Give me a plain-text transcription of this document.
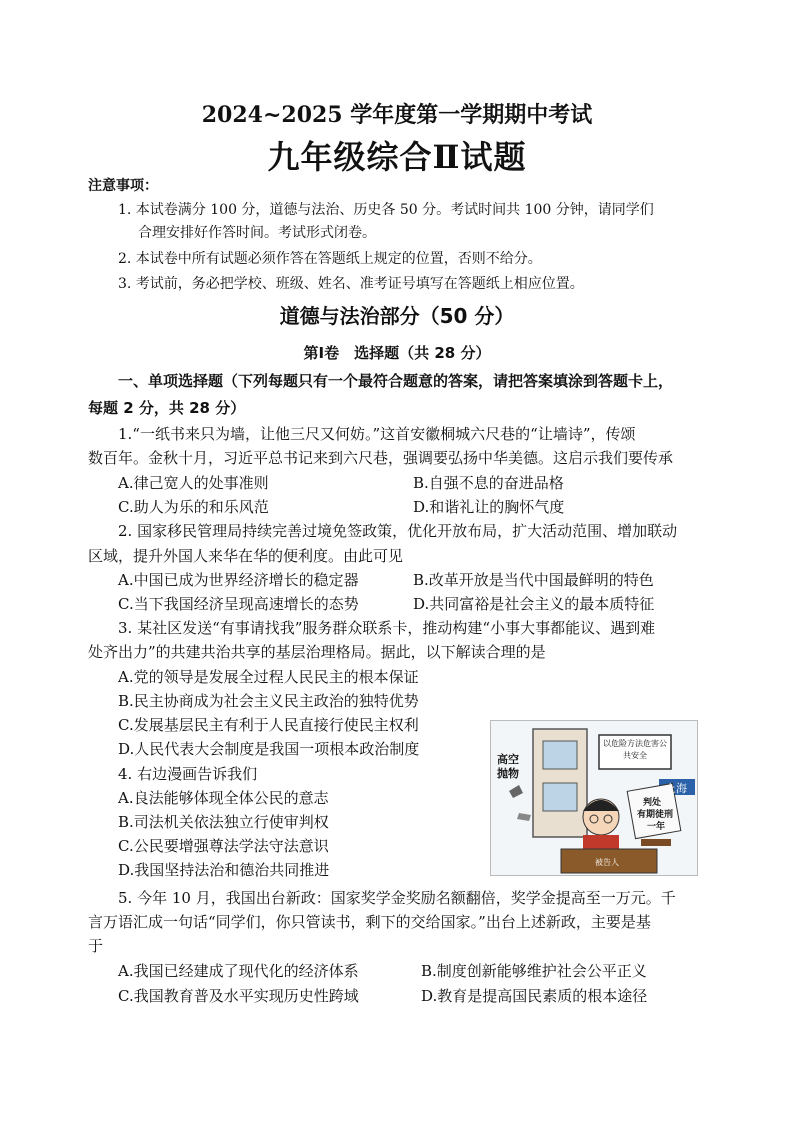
2024~2025 学年度第一学期期中考试
九年级综合Ⅱ试题
注意事项：
1. 本试卷满分 100 分，道德与法治、历史各 50 分。考试时间共 100 分钟，请同学们
合理安排好作答时间。考试形式闭卷。
2. 本试卷中所有试题必须作答在答题纸上规定的位置，否则不给分。
3. 考试前，务必把学校、班级、姓名、准考证号填写在答题纸上相应位置。
道德与法治部分（50 分）
第Ⅰ卷　选择题（共 28 分）
一、单项选择题（下列每题只有一个最符合题意的答案，请把答案填涂到答题卡上，
每题 2 分，共 28 分）
1.“一纸书来只为墙，让他三尺又何妨。”这首安徽桐城六尺巷的“让墙诗”，传颂
数百年。金秋十月，习近平总书记来到六尺巷，强调要弘扬中华美德。这启示我们要传承
A.律己宽人的处事准则	B.自强不息的奋进品格
C.助人为乐的和乐风范	D.和谐礼让的胸怀气度
2. 国家移民管理局持续完善过境免签政策，优化开放布局，扩大活动范围、增加联动
区域，提升外国人来华在华的便利度。由此可见
A.中国已成为世界经济增长的稳定器	B.改革开放是当代中国最鲜明的特色
C.当下我国经济呈现高速增长的态势	D.共同富裕是社会主义的最本质特征
3. 某社区发送“有事请找我”服务群众联系卡，推动构建“小事大事都能议、遇到难
处齐出力”的共建共治共享的基层治理格局。据此，以下解读合理的是
A.党的领导是发展全过程人民民主的根本保证
B.民主协商成为社会主义民主政治的独特优势
C.发展基层民主有利于人民直接行使民主权利
D.人民代表大会制度是我国一项根本政治制度
4. 右边漫画告诉我们
A.良法能够体现全体公民的意志
B.司法机关依法独立行使审判权
C.公民要增强尊法学法守法意识
D.我国坚持法治和德治共同推进
高空
抛物
以危险方法危害公共安全
上海
判处
有期徒刑
一年
被告人
5. 今年 10 月，我国出台新政：国家奖学金奖励名额翻倍，奖学金提高至一万元。千
言万语汇成一句话“同学们，你只管读书，剩下的交给国家。”出台上述新政，主要是基
于
A.我国已经建成了现代化的经济体系	B.制度创新能够维护社会公平正义
C.我国教育普及水平实现历史性跨域	D.教育是提高国民素质的根本途径
